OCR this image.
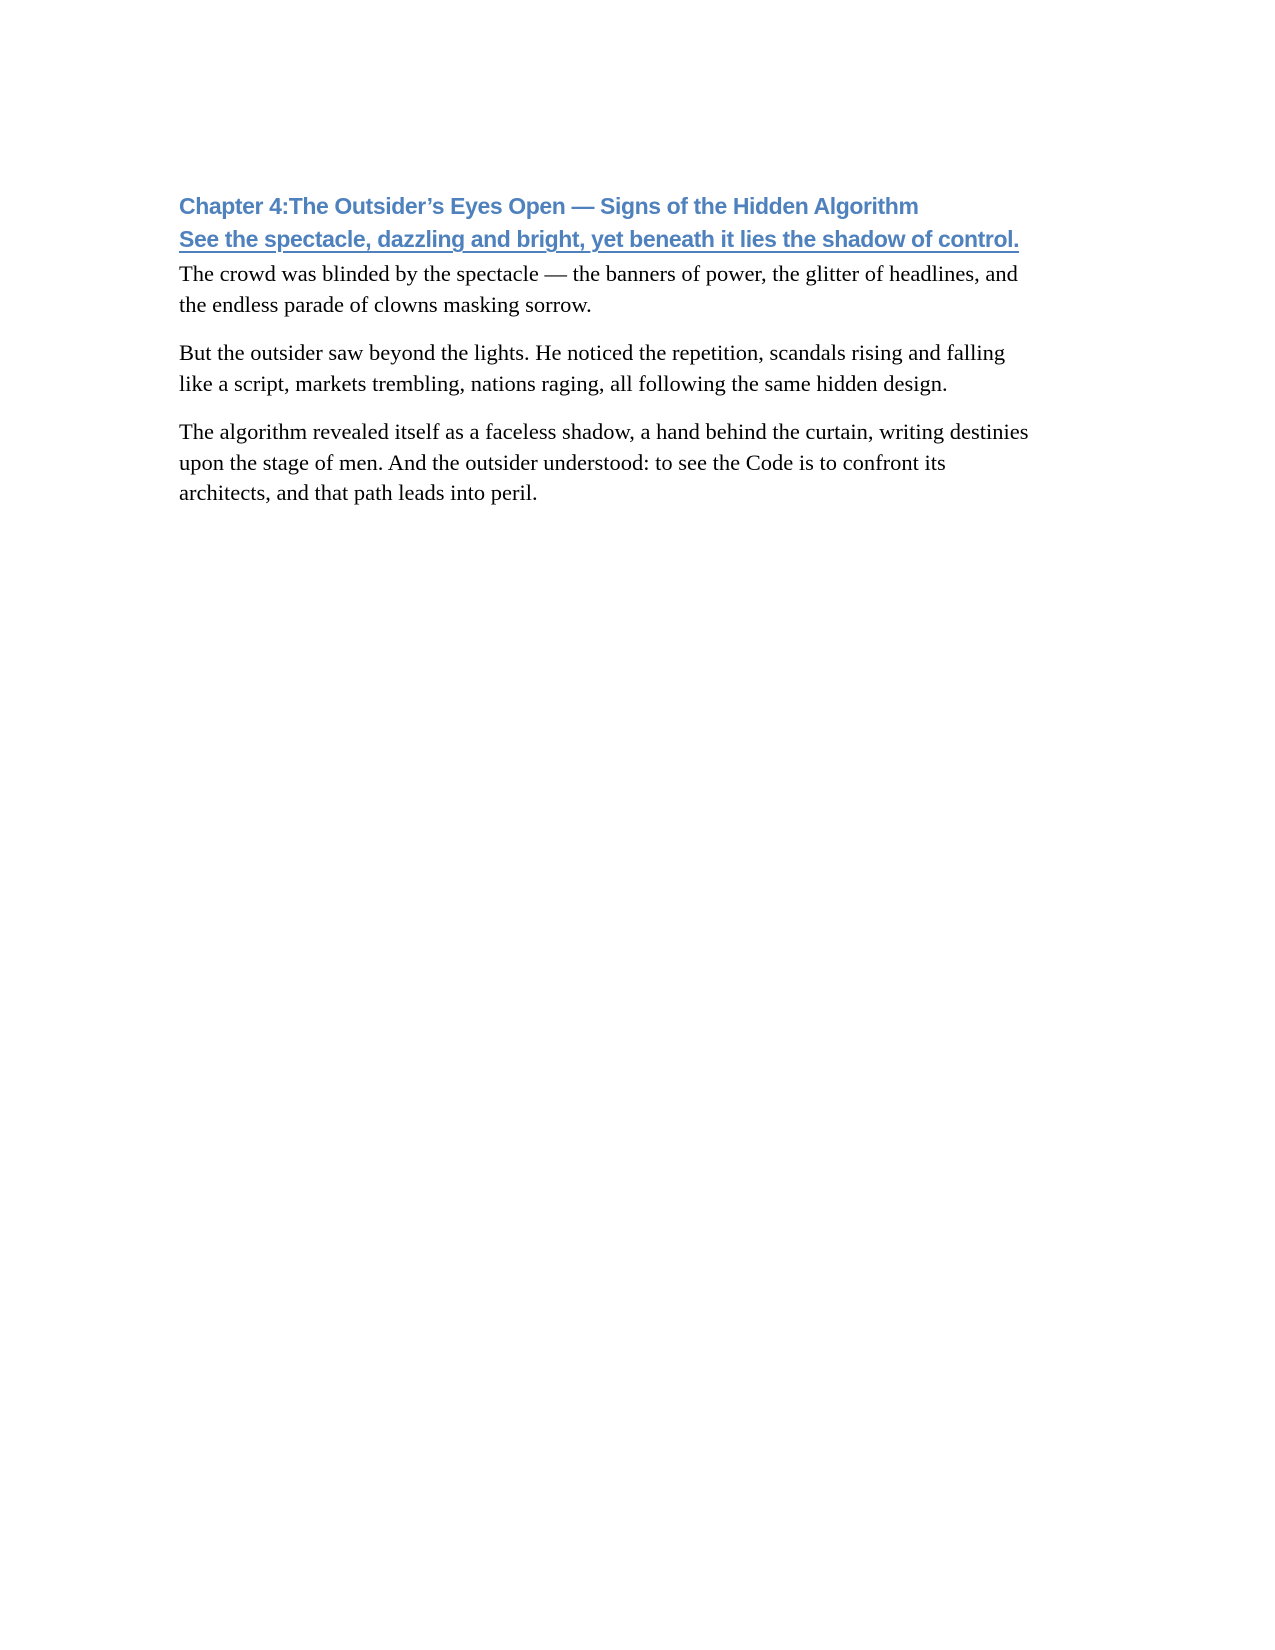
Chapter 4:The Outsider’s Eyes Open — Signs of the Hidden Algorithm
See the spectacle, dazzling and bright, yet beneath it lies the shadow of control.

The crowd was blinded by the spectacle — the banners of power, the glitter of headlines, and the endless parade of clowns masking sorrow.

But the outsider saw beyond the lights. He noticed the repetition, scandals rising and falling like a script, markets trembling, nations raging, all following the same hidden design.

The algorithm revealed itself as a faceless shadow, a hand behind the curtain, writing destinies upon the stage of men. And the outsider understood: to see the Code is to confront its architects, and that path leads into peril.
